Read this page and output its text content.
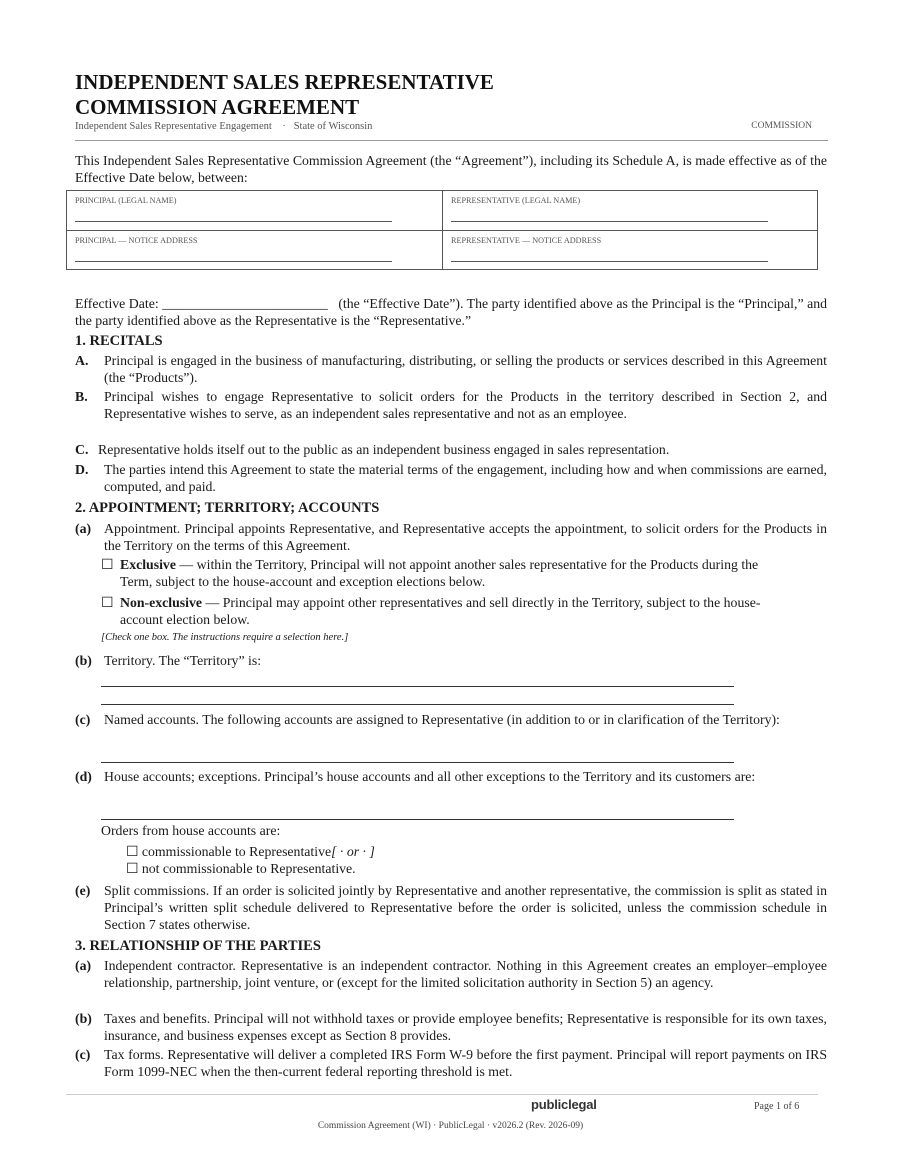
INDEPENDENT SALES REPRESENTATIVE
COMMISSION AGREEMENT
Independent Sales Representative Engagement · State of Wisconsin	COMMISSION

This Independent Sales Representative Commission Agreement (the “Agreement”), including its Schedule A, is made effective as of the Effective Date below, between:

PRINCIPAL (LEGAL NAME)	REPRESENTATIVE (LEGAL NAME)
PRINCIPAL — NOTICE ADDRESS	REPRESENTATIVE — NOTICE ADDRESS

Effective Date: ________________________ (the “Effective Date”). The party identified above as the Principal is the “Principal,” and the party identified above as the Representative is the “Representative.”

1. RECITALS
A. Principal is engaged in the business of manufacturing, distributing, or selling the products or services described in this Agreement (the “Products”).
B. Principal wishes to engage Representative to solicit orders for the Products in the territory described in Section 2, and Representative wishes to serve, as an independent sales representative and not as an employee.
C. Representative holds itself out to the public as an independent business engaged in sales representation.
D. The parties intend this Agreement to state the material terms of the engagement, including how and when commissions are earned, computed, and paid.
2. APPOINTMENT; TERRITORY; ACCOUNTS
(a) Appointment. Principal appoints Representative, and Representative accepts the appointment, to solicit orders for the Products in the Territory on the terms of this Agreement.
☐ Exclusive — within the Territory, Principal will not appoint another sales representative for the Products during the Term, subject to the house-account and exception elections below.
☐ Non-exclusive — Principal may appoint other representatives and sell directly in the Territory, subject to the house-account election below.
[Check one box. The instructions require a selection here.]
(b) Territory. The “Territory” is:
(c) Named accounts. The following accounts are assigned to Representative (in addition to or in clarification of the Territory):
(d) House accounts; exceptions. Principal’s house accounts and all other exceptions to the Territory and its customers are:
Orders from house accounts are:
☐ commissionable to Representative[ · or · ]
☐ not commissionable to Representative.
(e) Split commissions. If an order is solicited jointly by Representative and another representative, the commission is split as stated in Principal’s written split schedule delivered to Representative before the order is solicited, unless the commission schedule in Section 7 states otherwise.
3. RELATIONSHIP OF THE PARTIES
(a) Independent contractor. Representative is an independent contractor. Nothing in this Agreement creates an employer–employee relationship, partnership, joint venture, or (except for the limited solicitation authority in Section 5) an agency.
(b) Taxes and benefits. Principal will not withhold taxes or provide employee benefits; Representative is responsible for its own taxes, insurance, and business expenses except as Section 8 provides.
(c) Tax forms. Representative will deliver a completed IRS Form W-9 before the first payment. Principal will report payments on IRS Form 1099-NEC when the then-current federal reporting threshold is met.
publiclegal	Page 1 of 6
Commission Agreement (WI) · PublicLegal · v2026.2 (Rev. 2026-09)
